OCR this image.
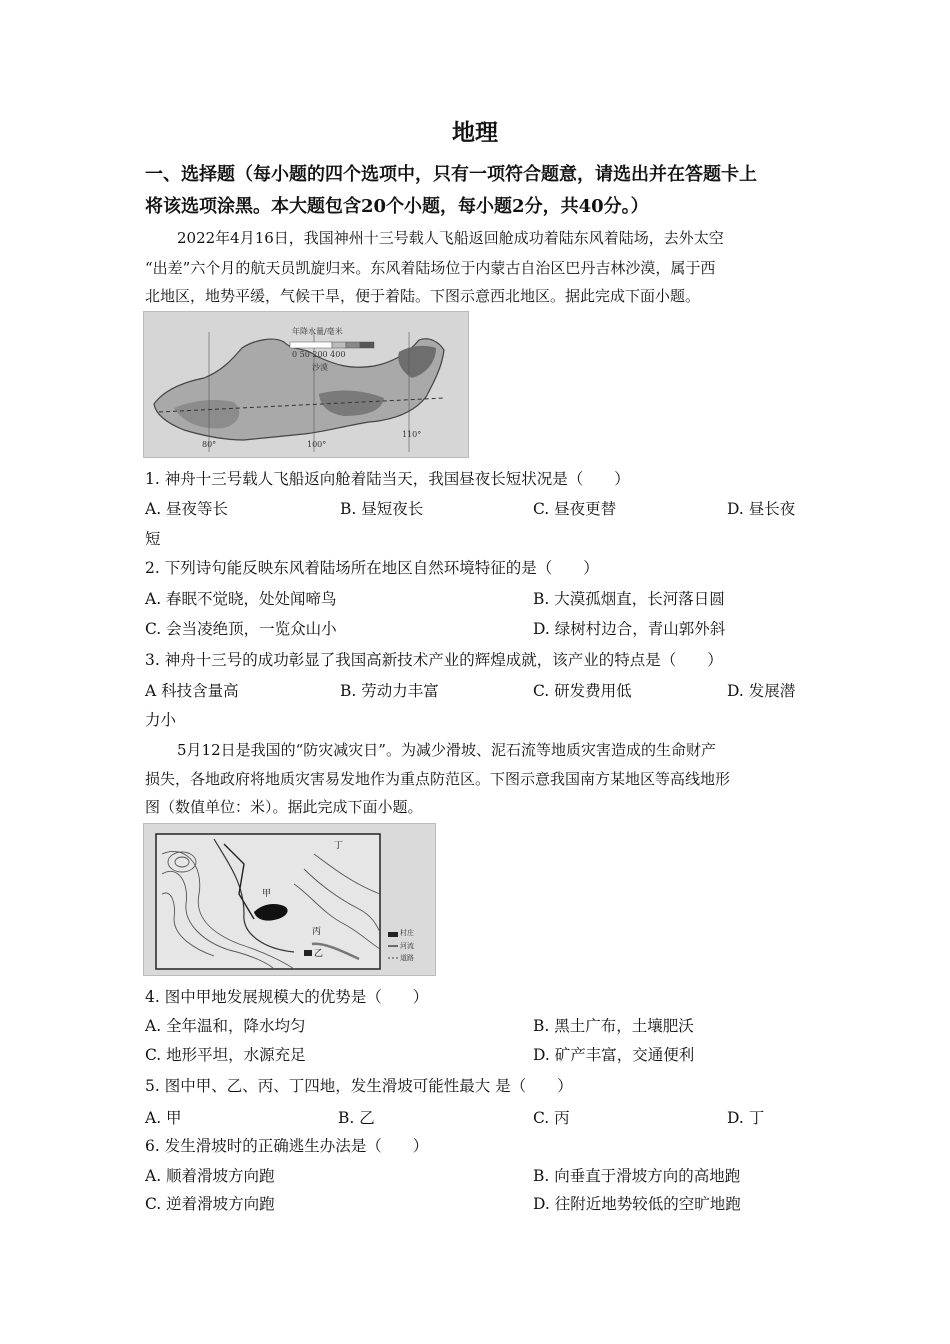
地理
一、选择题（每小题的四个选项中，只有一项符合题意，请选出并在答题卡上
将该选项涂黑。本大题包含20个小题，每小题2分，共40分。）
2022年4月16日，我国神州十三号载人飞船返回舱成功着陆东风着陆场，去外太空
“出差”六个月的航天员凯旋归来。东风着陆场位于内蒙古自治区巴丹吉林沙漠，属于西
北地区，地势平缓，气候干旱，便于着陆。下图示意西北地区。据此完成下面小题。
年降水量/毫米
0 50 200 400
沙漠
80°	100°
110°
1. 神舟十三号载人飞船返向舱着陆当天，我国昼夜长短状况是（　　）
A. 昼夜等长	B. 昼短夜长	C. 昼夜更替	D. 昼长夜
短
2. 下列诗句能反映东风着陆场所在地区自然环境特征的是（　　）
A. 春眠不觉晓，处处闻啼鸟	B. 大漠孤烟直，长河落日圆
C. 会当凌绝顶，一览众山小	D. 绿树村边合，青山郭外斜
3. 神舟十三号的成功彰显了我国高新技术产业的辉煌成就，该产业的特点是（　　）
A 科技含量高	B. 劳动力丰富	C. 研发费用低	D. 发展潜
力小
5月12日是我国的“防灾减灾日”。为减少滑坡、泥石流等地质灾害造成的生命财产
损失，各地政府将地质灾害易发地作为重点防范区。下图示意我国南方某地区等高线地形
图（数值单位：米）。据此完成下面小题。
甲
乙
丙
丁
村庄
河流
道路
4. 图中甲地发展规模大的优势是（　　）
A. 全年温和，降水均匀	B. 黑土广布，土壤肥沃
C. 地形平坦，水源充足	D. 矿产丰富，交通便利
5. 图中甲、乙、丙、丁四地，发生滑坡可能性最大 是（　　）
A. 甲	B. 乙	C. 丙	D. 丁
6. 发生滑坡时的正确逃生办法是（　　）
A. 顺着滑坡方向跑	B. 向垂直于滑坡方向的高地跑
C. 逆着滑坡方向跑	D. 往附近地势较低的空旷地跑
